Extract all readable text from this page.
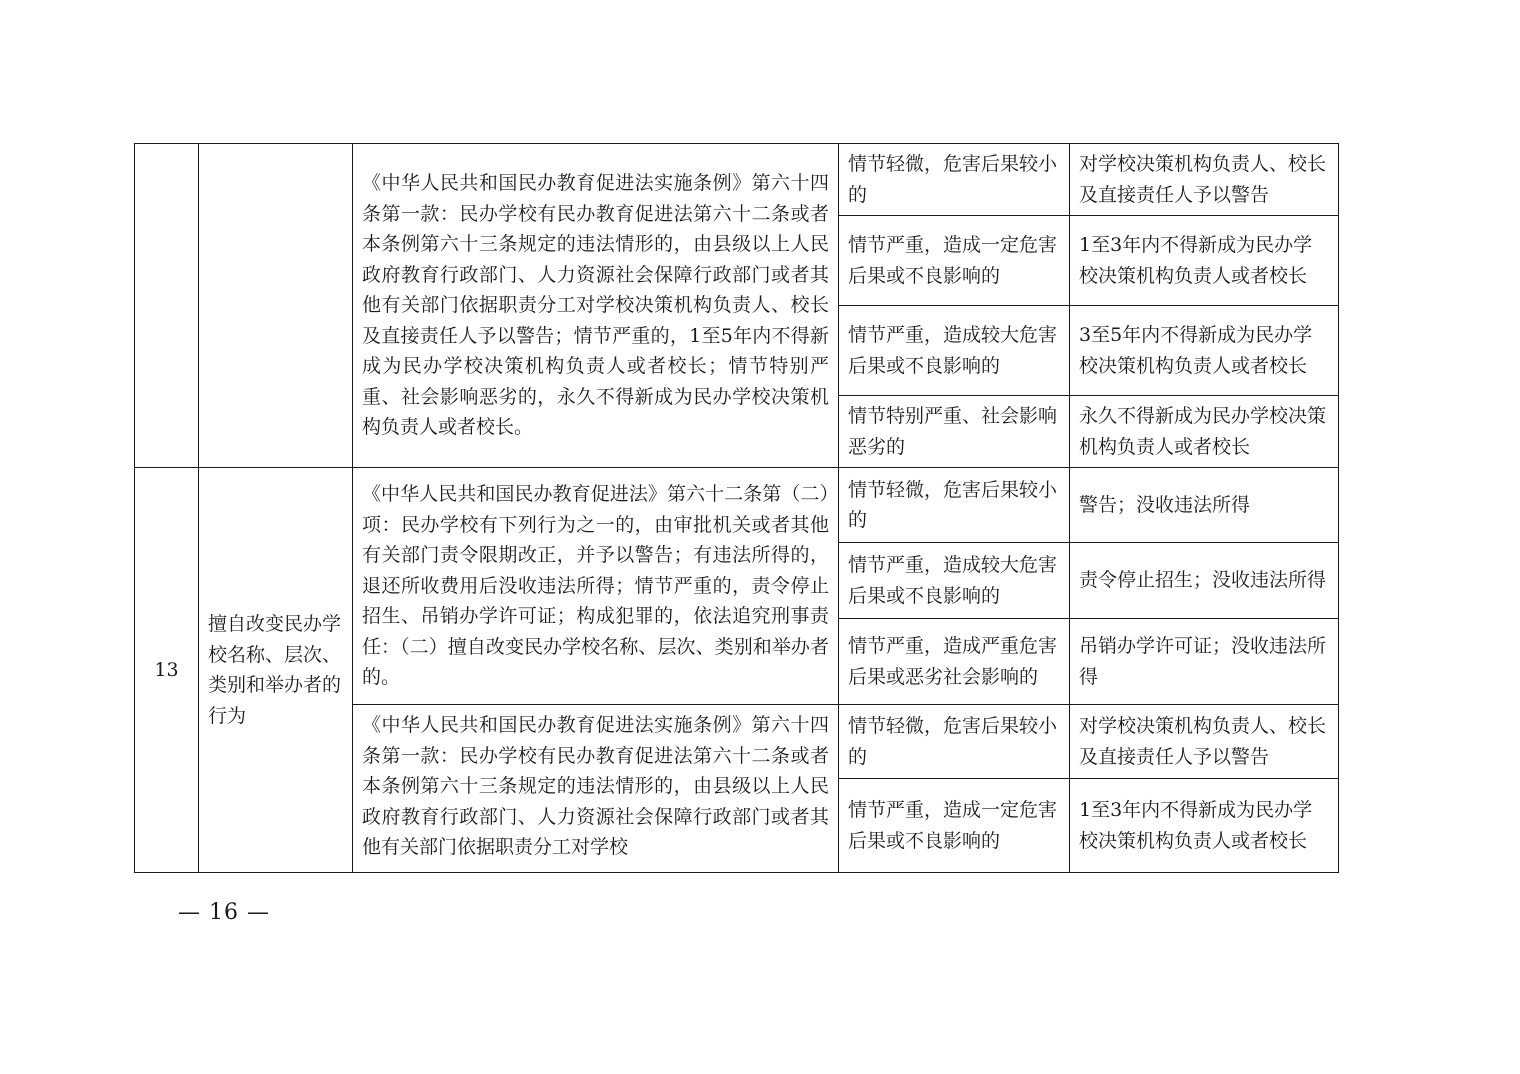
		《中华人民共和国民办教育促进法实施条例》第六十四条第一款：民办学校有民办教育促进法第六十二条或者本条例第六十三条规定的违法情形的，由县级以上人民政府教育行政部门、人力资源社会保障行政部门或者其他有关部门依据职责分工对学校决策机构负责人、校长及直接责任人予以警告；情节严重的，1至5年内不得新成为民办学校决策机构负责人或者校长；情节特别严重、社会影响恶劣的，永久不得新成为民办学校决策机构负责人或者校长。	情节轻微，危害后果较小的	对学校决策机构负责人、校长及直接责任人予以警告
			情节严重，造成一定危害后果或不良影响的	1至3年内不得新成为民办学校决策机构负责人或者校长
			情节严重，造成较大危害后果或不良影响的	3至5年内不得新成为民办学校决策机构负责人或者校长
			情节特别严重、社会影响恶劣的	永久不得新成为民办学校决策机构负责人或者校长
13	擅自改变民办学校名称、层次、类别和举办者的行为	《中华人民共和国民办教育促进法》第六十二条第（二）项：民办学校有下列行为之一的，由审批机关或者其他有关部门责令限期改正，并予以警告；有违法所得的，退还所收费用后没收违法所得；情节严重的，责令停止招生、吊销办学许可证；构成犯罪的，依法追究刑事责任：（二）擅自改变民办学校名称、层次、类别和举办者的。	情节轻微，危害后果较小的	警告；没收违法所得
			情节严重，造成较大危害后果或不良影响的	责令停止招生；没收违法所得
			情节严重，造成严重危害后果或恶劣社会影响的	吊销办学许可证；没收违法所得
		《中华人民共和国民办教育促进法实施条例》第六十四条第一款：民办学校有民办教育促进法第六十二条或者本条例第六十三条规定的违法情形的，由县级以上人民政府教育行政部门、人力资源社会保障行政部门或者其他有关部门依据职责分工对学校	情节轻微，危害后果较小的	对学校决策机构负责人、校长及直接责任人予以警告
			情节严重，造成一定危害后果或不良影响的	1至3年内不得新成为民办学校决策机构负责人或者校长
— 16 —
